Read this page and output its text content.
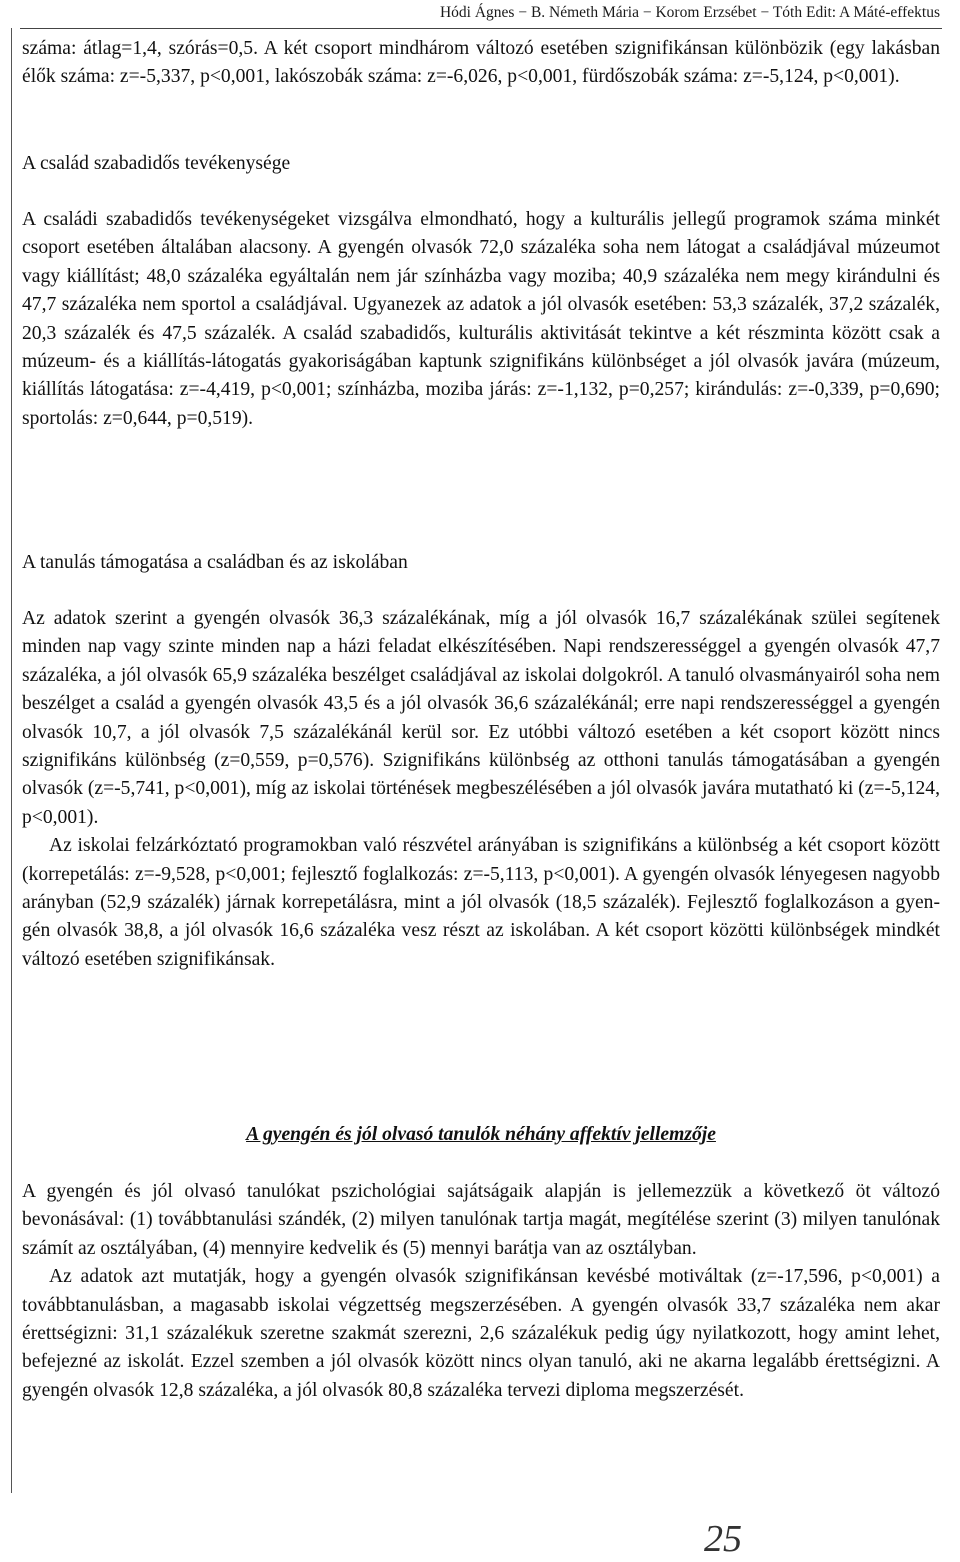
Hódi Ágnes − B. Németh Mária − Korom Erzsébet − Tóth Edit: A Máté-effektus

száma: átlag=1,4, szórás=0,5. A két csoport mindhárom változó esetében szignifikánsan különbözik (egy lakásban élők száma: z=-5,337, p<0,001, lakószobák száma: z=-6,026, p<0,001, fürdőszobák száma: z=-5,124, p<0,001).

A család szabadidős tevékenysége

A családi szabadidős tevékenységeket vizsgálva elmondható, hogy a kulturális jellegű programok száma minkét csoport esetében általában alacsony. A gyengén olvasók 72,0 százaléka soha nem látogat a családjával múzeumot vagy kiállítást; 48,0 százaléka egyáltalán nem jár színházba vagy moziba; 40,9 százaléka nem megy kirándulni és 47,7 százaléka nem sportol a családjával. Ugyanezek az adatok a jól olvasók esetében: 53,3 százalék, 37,2 százalék, 20,3 százalék és 47,5 százalék. A család szabadidős, kulturális aktivitását tekintve a két részminta között csak a múzeum- és a kiállítás-látogatás gyakoriságában kaptunk szignifikáns különbséget a jól olvasók javára (múzeum, kiállítás látogatása: z=-4,419, p<0,001; színházba, moziba járás: z=-1,132, p=0,257; kirándulás: z=-0,339, p=0,690; sportolás: z=0,644, p=0,519).

A tanulás támogatása a családban és az iskolában

Az adatok szerint a gyengén olvasók 36,3 százalékának, míg a jól olvasók 16,7 százalékának szülei segítenek minden nap vagy szinte minden nap a házi feladat elkészítésében. Napi rendszerességgel a gyengén olvasók 47,7 százaléka, a jól olvasók 65,9 százaléka beszélget családjával az iskolai dolgokról. A tanuló olvasmányairól soha nem beszélget a család a gyengén olvasók 43,5 és a jól olvasók 36,6 százalékánál; erre napi rendszerességgel a gyengén olvasók 10,7, a jól olvasók 7,5 százalékánál kerül sor. Ez utóbbi változó esetében a két csoport között nincs szignifikáns különbség (z=0,559, p=0,576). Szignifikáns különbség az otthoni tanulás támogatásában a gyengén olvasók (z=-5,741, p<0,001), míg az iskolai történések megbeszélésében a jól olvasók javára mutatható ki (z=-5,124, p<0,001).

Az iskolai felzárkóztató programokban való részvétel arányában is szignifikáns a különbség a két csoport között (korrepetálás: z=-9,528, p<0,001; fejlesztő foglalkozás: z=-5,113, p<0,001). A gyengén olvasók lényegesen nagyobb arányban (52,9 százalék) járnak korrepetálásra, mint a jól olvasók (18,5 százalék). Fejlesztő foglalkozáson a gyengén olvasók 38,8, a jól olvasók 16,6 százaléka vesz részt az iskolában. A két csoport közötti különbségek mindkét változó esetében szignifikánsak.

A gyengén és jól olvasó tanulók néhány affektív jellemzője

A gyengén és jól olvasó tanulókat pszichológiai sajátságaik alapján is jellemezzük a következő öt változó bevonásával: (1) továbbtanulási szándék, (2) milyen tanulónak tartja magát, megítélése szerint (3) milyen tanulónak számít az osztályában, (4) mennyire kedvelik és (5) mennyi barátja van az osztályban.

Az adatok azt mutatják, hogy a gyengén olvasók szignifikánsan kevésbé motiváltak (z=-17,596, p<0,001) a továbbtanulásban, a magasabb iskolai végzettség megszerzésében. A gyengén olvasók 33,7 százaléka nem akar érettségizni: 31,1 százalékuk szeretne szakmát szerezni, 2,6 százalékuk pedig úgy nyilatkozott, hogy amint lehet, befejezné az iskolát. Ezzel szemben a jól olvasók között nincs olyan tanuló, aki ne akarna legalább érettségizni. A gyengén olvasók 12,8 százaléka, a jól olvasók 80,8 százaléka tervezi diploma megszerzését.

25
